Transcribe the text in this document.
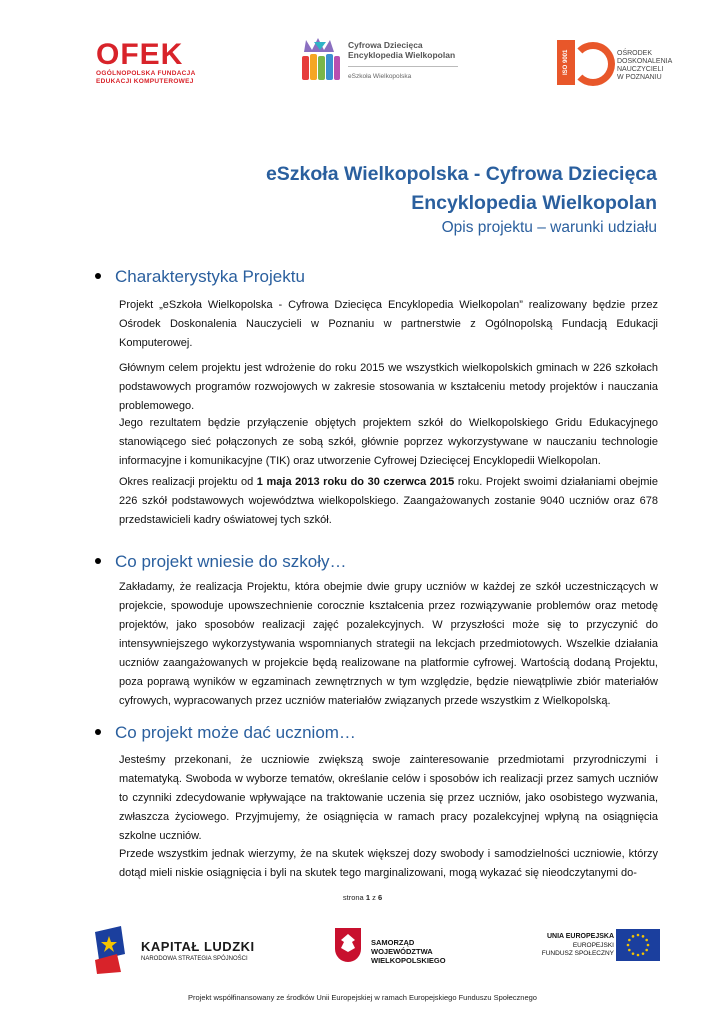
OFEK
OGÓLNOPOLSKA FUNDACJA
EDUKACJI KOMPUTEROWEJ
Cyfrowa Dziecięca
Encyklopedia Wielkopolan
eSzkoła Wielkopolska
ISO 9001	OŚRODEK
DOSKONALENIA
NAUCZYCIELI
W POZNANIU
eSzkoła Wielkopolska - Cyfrowa Dziecięca
Encyklopedia Wielkopolan
Opis projektu – warunki udziału
Charakterystyka Projektu
Projekt „eSzkoła Wielkopolska - Cyfrowa Dziecięca Encyklopedia Wielkopolan” realizowany będzie przez Ośrodek Doskonalenia Nauczycieli w Poznaniu w partnerstwie z Ogólnopolską Fundacją Edukacji Komputerowej.
Głównym celem projektu jest wdrożenie do roku 2015 we wszystkich wielkopolskich gminach w 226 szkołach podstawowych programów rozwojowych w zakresie stosowania w kształceniu metody projektów i nauczania problemowego.
Jego rezultatem będzie przyłączenie objętych projektem szkół do Wielkopolskiego Gridu Edukacyjnego stanowiącego sieć połączonych ze sobą szkół, głównie poprzez wykorzystywane w nauczaniu technologie informacyjne i komunikacyjne (TIK) oraz utworzenie Cyfrowej Dziecięcej Encyklopedii Wielkopolan.
Okres realizacji projektu od 1 maja 2013 roku do 30 czerwca 2015 roku. Projekt swoimi działaniami obejmie 226 szkół podstawowych województwa wielkopolskiego. Zaangażowanych zostanie 9040 uczniów oraz 678 przedstawicieli kadry oświatowej tych szkół.
Co projekt wniesie do szkoły…
Zakładamy, że realizacja Projektu, która obejmie dwie grupy uczniów w każdej ze szkół uczestniczących w projekcie, spowoduje upowszechnienie corocznie kształcenia przez rozwiązywanie problemów oraz metodę projektów, jako sposobów realizacji zajęć pozalekcyjnych. W przyszłości może się to przyczynić do intensywniejszego wykorzystywania wspomnianych strategii na lekcjach przedmiotowych. Wszelkie działania uczniów zaangażowanych w projekcie będą realizowane na platformie cyfrowej. Wartością dodaną Projektu, poza poprawą wyników w egzaminach zewnętrznych w tym względzie, będzie niewątpliwie zbiór materiałów cyfrowych, wypracowanych przez uczniów materiałów związanych przede wszystkim z Wielkopolską.
Co projekt może dać uczniom…
Jesteśmy przekonani, że uczniowie zwiększą swoje zainteresowanie przedmiotami przyrodniczymi i matematyką. Swoboda w wyborze tematów, określanie celów i sposobów ich realizacji przez samych uczniów to czynniki zdecydowanie wpływające na traktowanie uczenia się przez uczniów, jako osobistego wyzwania, zwłaszcza życiowego. Przyjmujemy, że osiągnięcia w ramach pracy pozalekcyjnej wpłyną na osiągnięcia szkolne uczniów.
Przede wszystkim jednak wierzymy, że na skutek większej dozy swobody i samodzielności uczniowie, którzy dotąd mieli niskie osiągnięcia i byli na skutek tego marginalizowani, mogą wykazać się nieodczytanymi do-
strona 1 z 6
KAPITAŁ LUDZKI
NARODOWA STRATEGIA SPÓJNOŚCI
SAMORZĄD WOJEWÓDZTWA
WIELKOPOLSKIEGO
UNIA EUROPEJSKA
EUROPEJSKI
FUNDUSZ SPOŁECZNY
Projekt współfinansowany ze środków Unii Europejskiej w ramach Europejskiego Funduszu Społecznego
